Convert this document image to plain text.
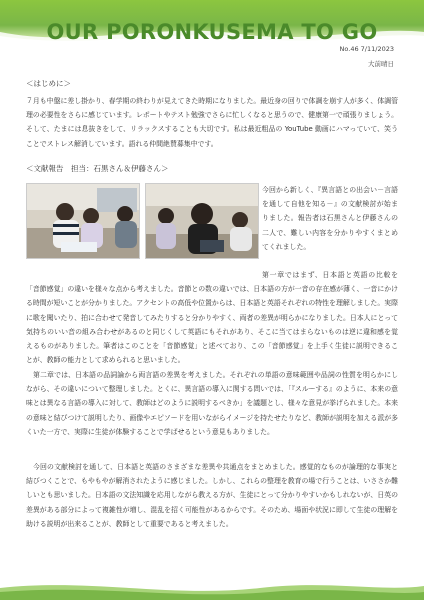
OUR PORONKUSEMA TO GO
No.46 7/11/2023
大前晴日
＜はじめに＞
７月も中盤に差し掛かり、春学期の終わりが見えてきた時期になりました。最近身の回りで体調を崩す人が多く、体調管理の必要性をさらに感じています。レポートやテスト勉強でさらに忙しくなると思うので、健康第一で頑張りましょう。そして、たまには息抜きをして、リラックスすることも大切です。私は最近粗品の YouTube 動画にハマっていて、笑うことでストレス解消しています。語れる仲間絶賛募集中です。
＜文献報告　担当：石黒さん＆伊藤さん＞
今回から新しく、『異言語との出会い－言語を通して自他を知る－』の文献検討が始まりました。報告者は石黒さんと伊藤さんの二人で、難しい内容を分かりやすくまとめてくれました。
第一章ではまず、日本語と英語の比較を「音節感覚」の違いを様々な点から考えました。音節との数の違いでは、日本語の方が一音の存在感が薄く、一音にかける時間が短いことが分かりました。アクセントの高低や位置からは、日本語と英語それぞれの特性を理解しました。実際に歌を聞いたり、拍に合わせて発音してみたりすると分かりやすく、両者の差異が明らかになりました。日本人にとって気持ちのいい音の組み合わせがあるのと同じくして英語にもそれがあり、そこに当てはまらないものは逆に違和感を覚えるものがありました。筆者はこのことを「音節感覚」と述べており、この「音節感覚」を上手く生徒に説明できることが、教師の能力として求められると思いました。
第二章では、日本語の品詞論から両言語の差異を考えました。それぞれの単語の意味範囲や品詞の性質を明らかにしながら、その違いについて整理しました。とくに、異言語の導入に関する問いでは、「『スルーする』のように、本来の意味とは異なる言語の導入に対して、教師はどのように説明するべきか」を議題とし、様々な意見が挙げられました。本来の意味と結びつけて説明したり、画像やエピソードを用いながらイメージを持たせたりなど、教師が説明を加える派が多くいた一方で、実際に生徒が体験することで学ばせるという意見もありました。
今回の文献検討を通して、日本語と英語のさまざまな差異や共通点をまとめました。感覚的なものが論理的な事実と結びつくことで、もやもやが解消されたように感じました。しかし、これらの整理を教育の場で行うことは、いささか難しいとも思いました。日本語の文法知識を応用しながら教える方が、生徒にとって分かりやすいかもしれないが、日英の差異がある部分によって複雑性が増し、混乱を招く可能性があるからです。そのため、場面や状況に即して生徒の理解を助ける説明が出来ることが、教師として重要であると考えました。
